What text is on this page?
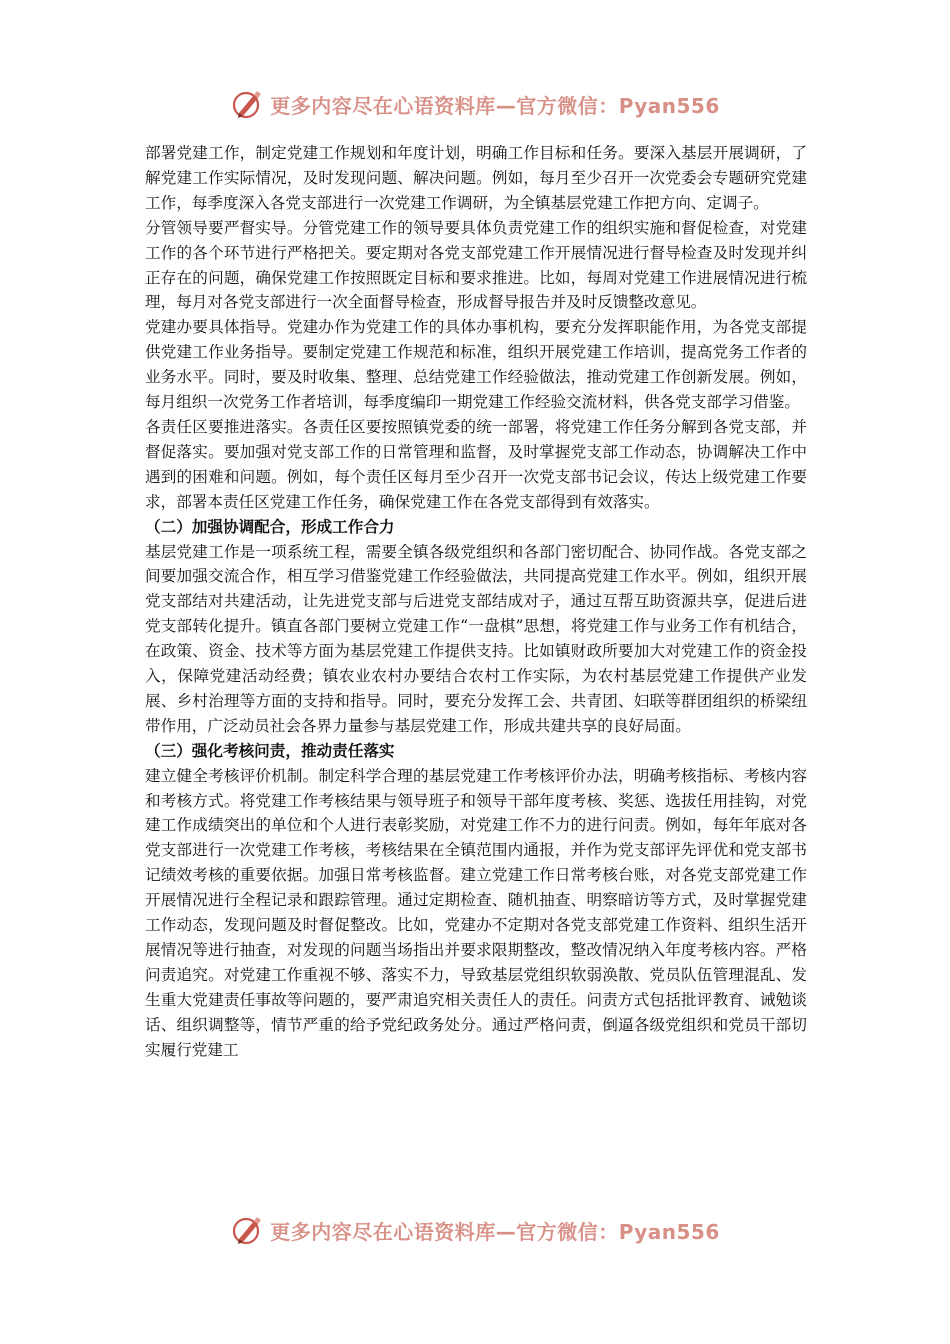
更多内容尽在心语资料库—官方微信：Pyan556

部署党建工作，制定党建工作规划和年度计划，明确工作目标和任务。要深入基层开展调研，了解党建工作实际情况，及时发现问题、解决问题。例如，每月至少召开一次党委会专题研究党建工作，每季度深入各党支部进行一次党建工作调研，为全镇基层党建工作把方向、定调子。

分管领导要严督实导。分管党建工作的领导要具体负责党建工作的组织实施和督促检查，对党建工作的各个环节进行严格把关。要定期对各党支部党建工作开展情况进行督导检查及时发现并纠正存在的问题，确保党建工作按照既定目标和要求推进。比如，每周对党建工作进展情况进行梳理，每月对各党支部进行一次全面督导检查，形成督导报告并及时反馈整改意见。

党建办要具体指导。党建办作为党建工作的具体办事机构，要充分发挥职能作用，为各党支部提供党建工作业务指导。要制定党建工作规范和标准，组织开展党建工作培训，提高党务工作者的业务水平。同时，要及时收集、整理、总结党建工作经验做法，推动党建工作创新发展。例如，每月组织一次党务工作者培训，每季度编印一期党建工作经验交流材料，供各党支部学习借鉴。

各责任区要推进落实。各责任区要按照镇党委的统一部署，将党建工作任务分解到各党支部，并督促落实。要加强对党支部工作的日常管理和监督，及时掌握党支部工作动态，协调解决工作中遇到的困难和问题。例如，每个责任区每月至少召开一次党支部书记会议，传达上级党建工作要求，部署本责任区党建工作任务，确保党建工作在各党支部得到有效落实。

（二）加强协调配合，形成工作合力

基层党建工作是一项系统工程，需要全镇各级党组织和各部门密切配合、协同作战。各党支部之间要加强交流合作，相互学习借鉴党建工作经验做法，共同提高党建工作水平。例如，组织开展党支部结对共建活动，让先进党支部与后进党支部结成对子，通过互帮互助资源共享，促进后进党支部转化提升。镇直各部门要树立党建工作“一盘棋”思想，将党建工作与业务工作有机结合，在政策、资金、技术等方面为基层党建工作提供支持。比如镇财政所要加大对党建工作的资金投入，保障党建活动经费；镇农业农村办要结合农村工作实际，为农村基层党建工作提供产业发展、乡村治理等方面的支持和指导。同时，要充分发挥工会、共青团、妇联等群团组织的桥梁纽带作用，广泛动员社会各界力量参与基层党建工作，形成共建共享的良好局面。

（三）强化考核问责，推动责任落实

建立健全考核评价机制。制定科学合理的基层党建工作考核评价办法，明确考核指标、考核内容和考核方式。将党建工作考核结果与领导班子和领导干部年度考核、奖惩、选拔任用挂钩，对党建工作成绩突出的单位和个人进行表彰奖励，对党建工作不力的进行问责。例如，每年年底对各党支部进行一次党建工作考核，考核结果在全镇范围内通报，并作为党支部评先评优和党支部书记绩效考核的重要依据。加强日常考核监督。建立党建工作日常考核台账，对各党支部党建工作开展情况进行全程记录和跟踪管理。通过定期检查、随机抽查、明察暗访等方式，及时掌握党建工作动态，发现问题及时督促整改。比如，党建办不定期对各党支部党建工作资料、组织生活开展情况等进行抽查，对发现的问题当场指出并要求限期整改，整改情况纳入年度考核内容。严格问责追究。对党建工作重视不够、落实不力，导致基层党组织软弱涣散、党员队伍管理混乱、发生重大党建责任事故等问题的，要严肃追究相关责任人的责任。问责方式包括批评教育、诫勉谈话、组织调整等，情节严重的给予党纪政务处分。通过严格问责，倒逼各级党组织和党员干部切实履行党建工

更多内容尽在心语资料库—官方微信：Pyan556
